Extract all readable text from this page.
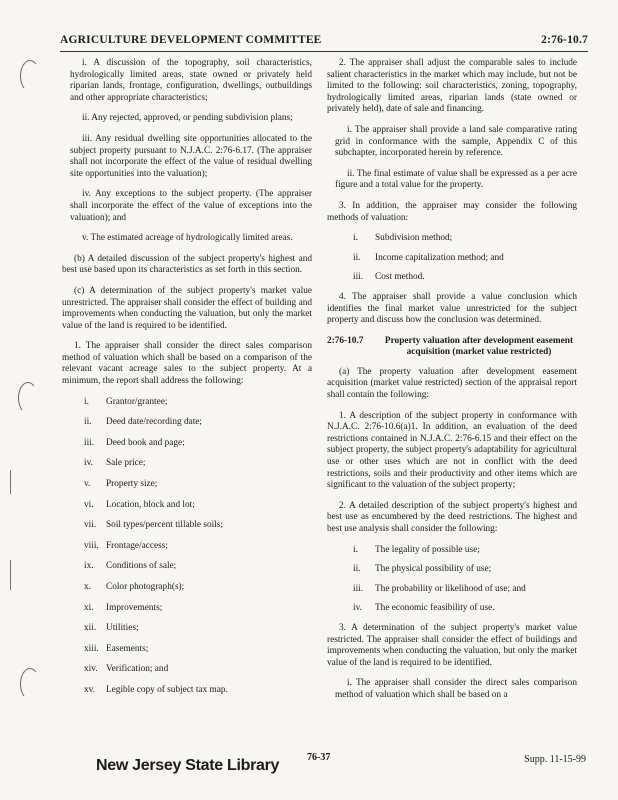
AGRICULTURE DEVELOPMENT COMMITTEE	2:76-10.7

i. A discussion of the topography, soil characteristics, hydrologically limited areas, state owned or privately held riparian lands, frontage, configuration, dwellings, outbuildings and other appropriate characteristics;

ii. Any rejected, approved, or pending subdivision plans;

iii. Any residual dwelling site opportunities allocated to the subject property pursuant to N.J.A.C. 2:76-6.17. (The appraiser shall not incorporate the effect of the value of residual dwelling site opportunities into the valuation);

iv. Any exceptions to the subject property. (The appraiser shall incorporate the effect of the value of exceptions into the valuation); and

v. The estimated acreage of hydrologically limited areas.

(b) A detailed discussion of the subject property's highest and best use based upon its characteristics as set forth in this section.

(c) A determination of the subject property's market value unrestricted. The appraiser shall consider the effect of building and improvements when conducting the valuation, but only the market value of the land is required to be identified.

1. The appraiser shall consider the direct sales comparison method of valuation which shall be based on a comparison of the relevant vacant acreage sales to the subject property. At a minimum, the report shall address the following:

i. Grantor/grantee;
ii. Deed date/recording date;
iii. Deed book and page;
iv. Sale price;
v. Property size;
vi. Location, block and lot;
vii. Soil types/percent tillable soils;
viii. Frontage/access;
ix. Conditions of sale;
x. Color photograph(s);
xi. Improvements;
xii. Utilities;
xiii. Easements;
xiv. Verification; and
xv. Legible copy of subject tax map.

2. The appraiser shall adjust the comparable sales to include salient characteristics in the market which may include, but not be limited to the following: soil characteristics, zoning, topography, hydrologically limited areas, riparian lands (state owned or privately held), date of sale and financing.

i. The appraiser shall provide a land sale comparative rating grid in conformance with the sample, Appendix C of this subchapter, incorporated herein by reference.

ii. The final estimate of value shall be expressed as a per acre figure and a total value for the property.

3. In addition, the appraiser may consider the following methods of valuation:

i. Subdivision method;
ii. Income capitalization method; and
iii. Cost method.

4. The appraiser shall provide a value conclusion which identifies the final market value unrestricted for the subject property and discuss how the conclusion was determined.

2:76-10.7 Property valuation after development easement acquisition (market value restricted)

(a) The property valuation after development easement acquisition (market value restricted) section of the appraisal report shall contain the following:

1. A description of the subject property in conformance with N.J.A.C. 2:76-10.6(a)1. In addition, an evaluation of the deed restrictions contained in N.J.A.C. 2:76-6.15 and their effect on the subject property, the subject property's adaptability for agricultural use or other uses which are not in conflict with the deed restrictions, soils and their productivity and other items which are significant to the valuation of the subject property;

2. A detailed description of the subject property's highest and best use as encumbered by the deed restrictions. The highest and best use analysis shall consider the following:

i. The legality of possible use;
ii. The physical possibility of use;
iii. The probability or likelihood of use; and
iv. The economic feasibility of use.

3. A determination of the subject property's market value restricted. The appraiser shall consider the effect of buildings and improvements when conducting the valuation, but only the market value of the land is required to be identified.

i. The appraiser shall consider the direct sales comparison method of valuation which shall be based on a

New Jersey State Library	76-37	Supp. 11-15-99
